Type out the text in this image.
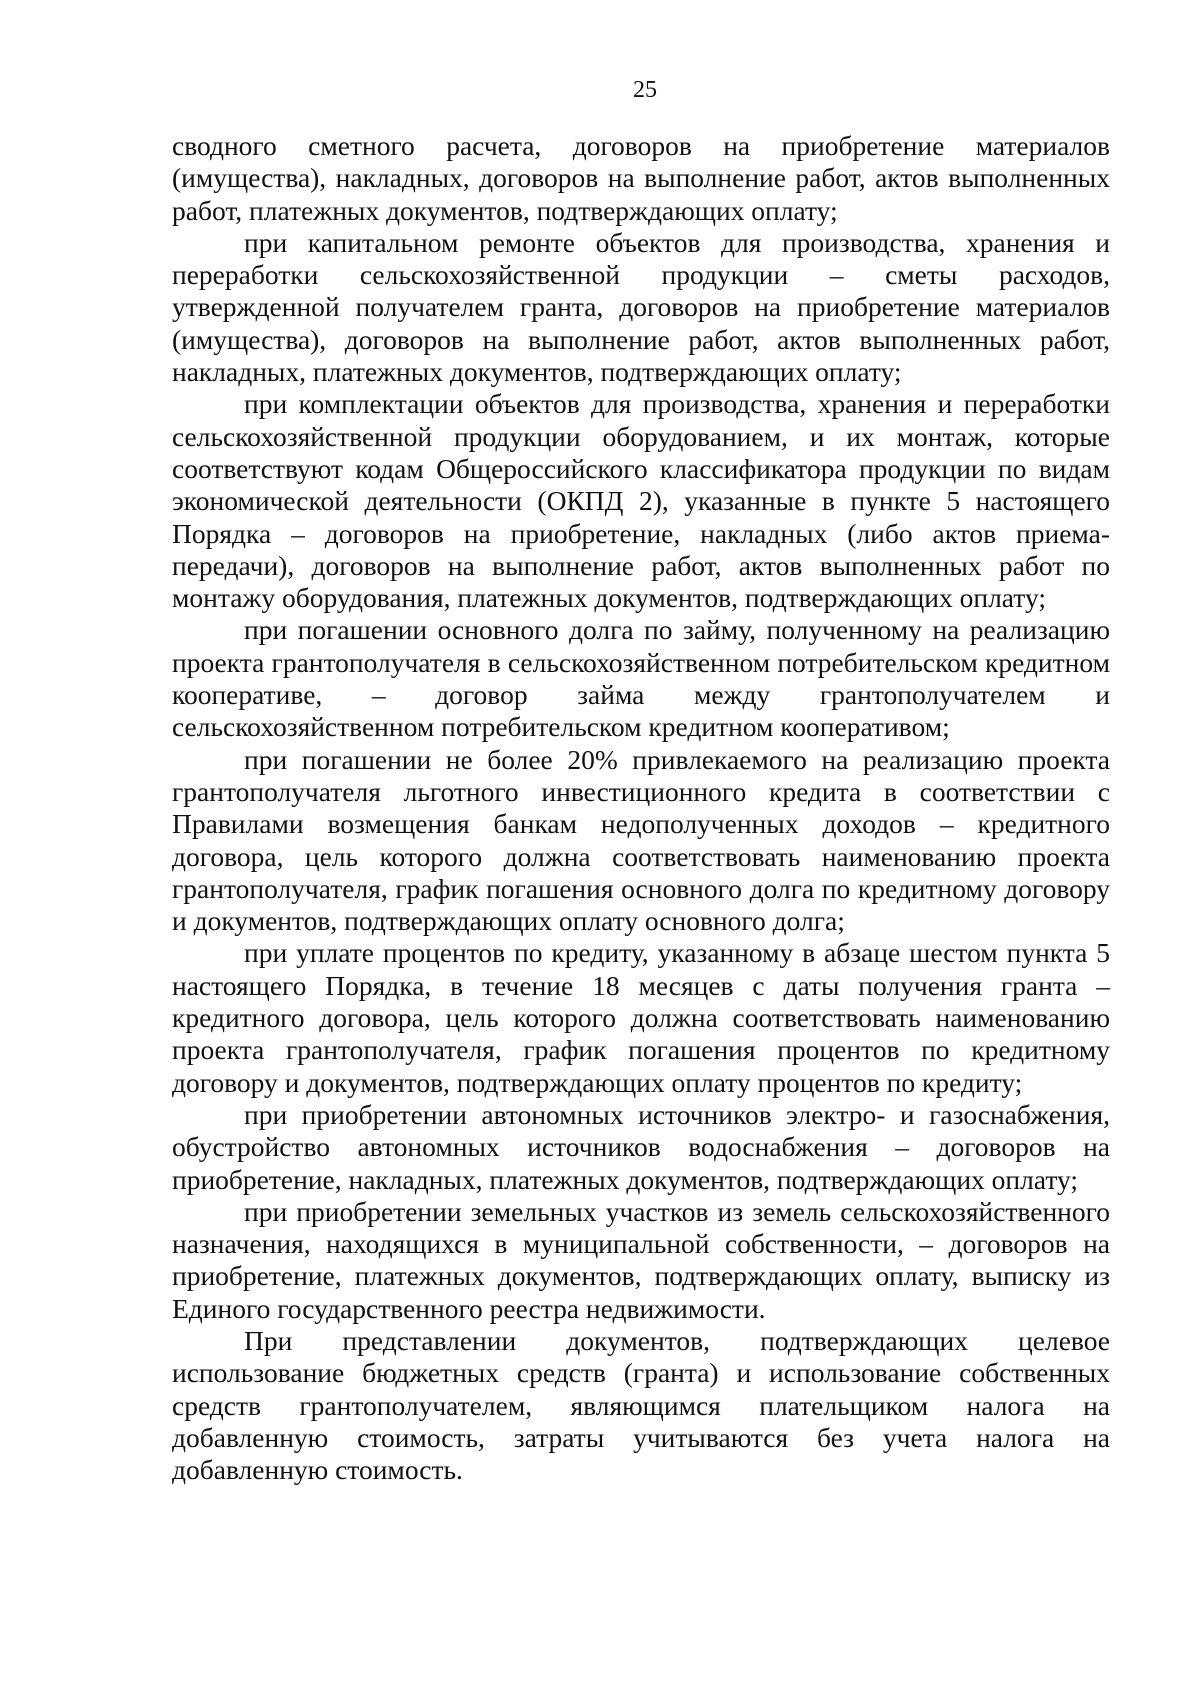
25

сводного сметного расчета, договоров на приобретение материалов (имущества), накладных, договоров на выполнение работ, актов выполненных работ, платежных документов, подтверждающих оплату;

при капитальном ремонте объектов для производства, хранения и переработки сельскохозяйственной продукции – сметы расходов, утвержденной получателем гранта, договоров на приобретение материалов (имущества), договоров на выполнение работ, актов выполненных работ, накладных, платежных документов, подтверждающих оплату;

при комплектации объектов для производства, хранения и переработки сельскохозяйственной продукции оборудованием, и их монтаж, которые соответствуют кодам Общероссийского классификатора продукции по видам экономической деятельности (ОКПД 2), указанные в пункте 5 настоящего Порядка – договоров на приобретение, накладных (либо актов приема-передачи), договоров на выполнение работ, актов выполненных работ по монтажу оборудования, платежных документов, подтверждающих оплату;

при погашении основного долга по займу, полученному на реализацию проекта грантополучателя в сельскохозяйственном потребительском кредитном кооперативе, – договор займа между грантополучателем и сельскохозяйственном потребительском кредитном кооперативом;

при погашении не более 20% привлекаемого на реализацию проекта грантополучателя льготного инвестиционного кредита в соответствии с Правилами возмещения банкам недополученных доходов – кредитного договора, цель которого должна соответствовать наименованию проекта грантополучателя, график погашения основного долга по кредитному договору и документов, подтверждающих оплату основного долга;

при уплате процентов по кредиту, указанному в абзаце шестом пункта 5 настоящего Порядка, в течение 18 месяцев с даты получения гранта – кредитного договора, цель которого должна соответствовать наименованию проекта грантополучателя, график погашения процентов по кредитному договору и документов, подтверждающих оплату процентов по кредиту;

при приобретении автономных источников электро- и газоснабжения, обустройство автономных источников водоснабжения – договоров на приобретение, накладных, платежных документов, подтверждающих оплату;

при приобретении земельных участков из земель сельскохозяйственного назначения, находящихся в муниципальной собственности, – договоров на приобретение, платежных документов, подтверждающих оплату, выписку из Единого государственного реестра недвижимости.

При представлении документов, подтверждающих целевое использование бюджетных средств (гранта) и использование собственных средств грантополучателем, являющимся плательщиком налога на добавленную стоимость, затраты учитываются без учета налога на добавленную стоимость.
